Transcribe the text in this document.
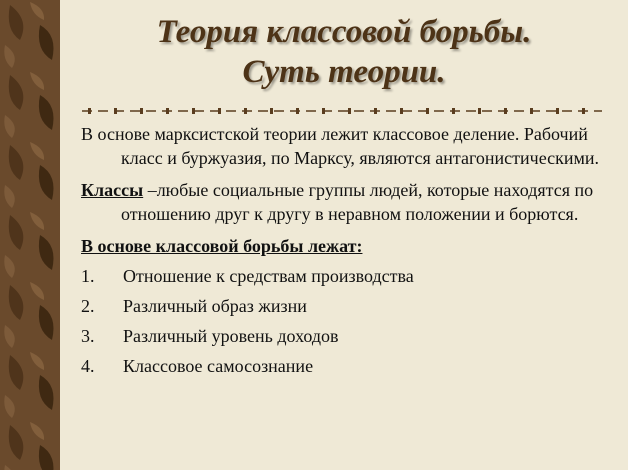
Теория классовой борьбы.
Суть теории.

В основе марксистской теории лежит классовое деление. Рабочий класс и буржуазия, по Марксу, являются антагонистическими.

Классы –любые социальные группы людей, которые находятся по отношению друг к другу в неравном положении и борются.

В основе классовой борьбы лежат:

1.	Отношение к средствам производства
2.	Различный образ жизни
3.	Различный уровень доходов
4.	Классовое самосознание
